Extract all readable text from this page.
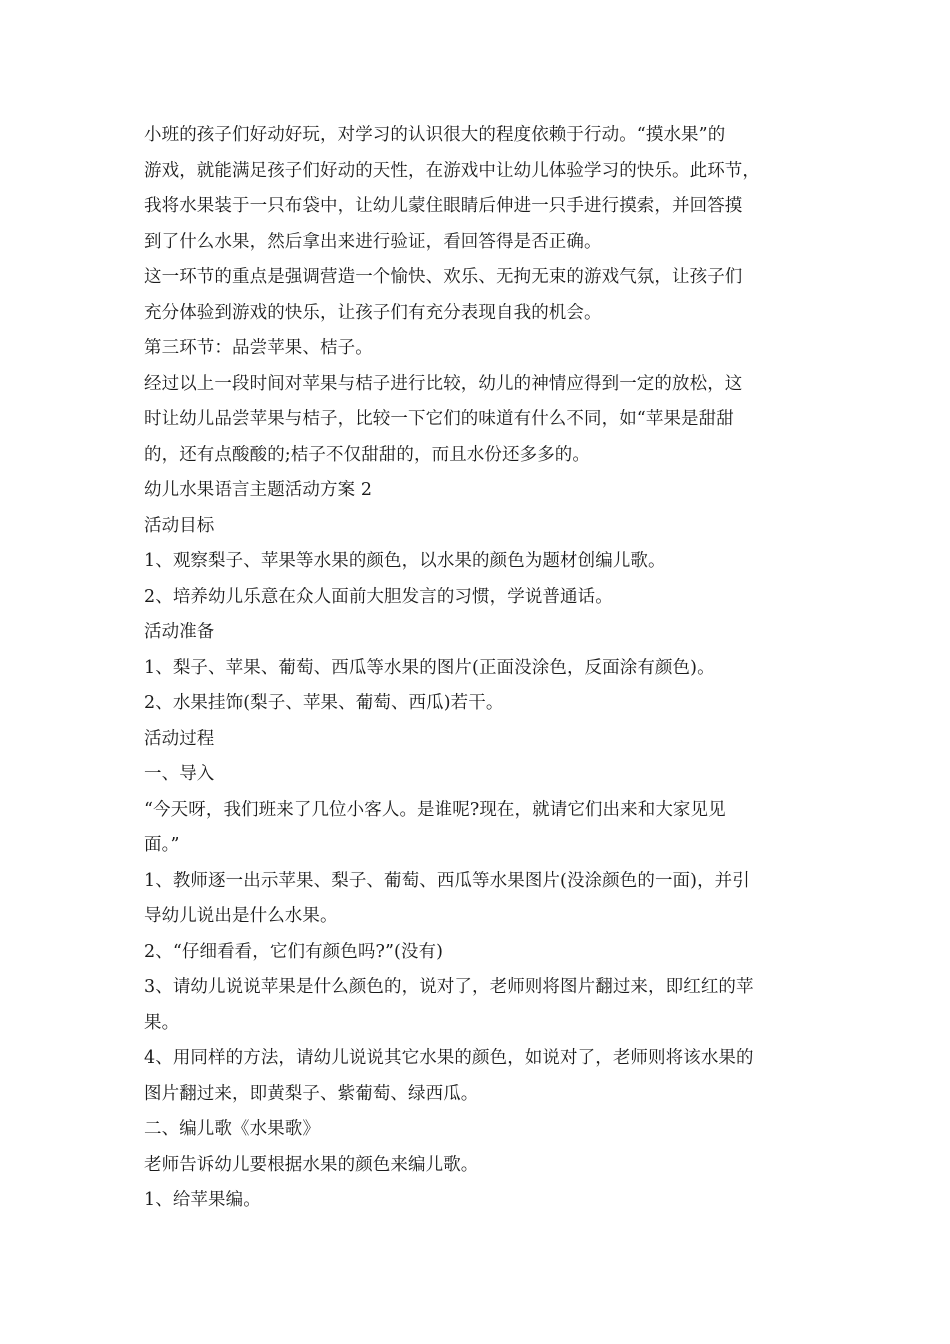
小班的孩子们好动好玩，对学习的认识很大的程度依赖于行动。“摸水果”的
游戏，就能满足孩子们好动的天性，在游戏中让幼儿体验学习的快乐。此环节，
我将水果装于一只布袋中，让幼儿蒙住眼睛后伸进一只手进行摸索，并回答摸
到了什么水果，然后拿出来进行验证，看回答得是否正确。
这一环节的重点是强调营造一个愉快、欢乐、无拘无束的游戏气氛，让孩子们
充分体验到游戏的快乐，让孩子们有充分表现自我的机会。
第三环节：品尝苹果、桔子。
经过以上一段时间对苹果与桔子进行比较，幼儿的神情应得到一定的放松，这
时让幼儿品尝苹果与桔子，比较一下它们的味道有什么不同，如“苹果是甜甜
的，还有点酸酸的;桔子不仅甜甜的，而且水份还多多的。
幼儿水果语言主题活动方案 2
活动目标
1、观察梨子、苹果等水果的颜色，以水果的颜色为题材创编儿歌。
2、培养幼儿乐意在众人面前大胆发言的习惯，学说普通话。
活动准备
1、梨子、苹果、葡萄、西瓜等水果的图片(正面没涂色，反面涂有颜色)。
2、水果挂饰(梨子、苹果、葡萄、西瓜)若干。
活动过程
一、导入
“今天呀，我们班来了几位小客人。是谁呢?现在，就请它们出来和大家见见
面。”
1、教师逐一出示苹果、梨子、葡萄、西瓜等水果图片(没涂颜色的一面)，并引
导幼儿说出是什么水果。
2、“仔细看看，它们有颜色吗?”(没有)
3、请幼儿说说苹果是什么颜色的，说对了，老师则将图片翻过来，即红红的苹
果。
4、用同样的方法，请幼儿说说其它水果的颜色，如说对了，老师则将该水果的
图片翻过来，即黄梨子、紫葡萄、绿西瓜。
二、编儿歌《水果歌》
老师告诉幼儿要根据水果的颜色来编儿歌。
1、给苹果编。
